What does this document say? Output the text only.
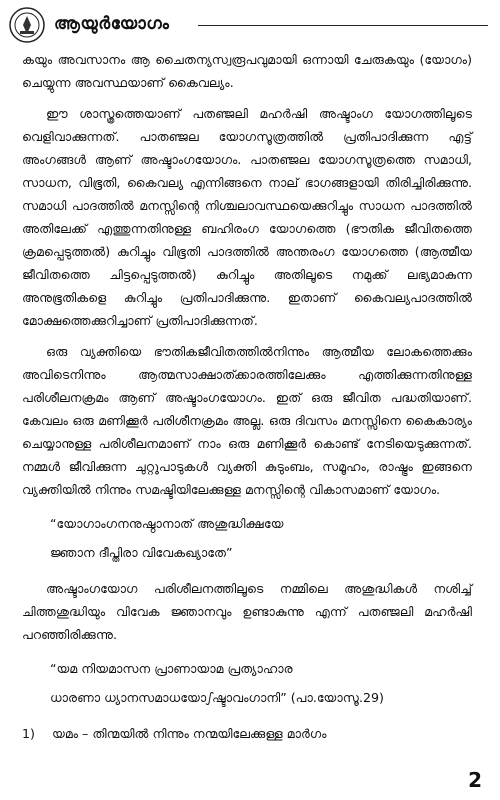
ആയുർയോഗം

കയും അവസാനം ആ ചൈതന്യസ്വരൂപവുമായി ഒന്നായി ചേരുകയും (യോഗം) ചെയ്യുന്ന അവസ്ഥയാണ് കൈവല്യം.

ഈ ശാസ്ത്രത്തെയാണ് പതഞ്ജലി മഹർഷി അഷ്ടാംഗ യോഗത്തിലൂടെ വെളിവാക്കുന്നത്. പാതഞ്ജല യോഗസൂത്രത്തിൽ പ്രതിപാദിക്കുന്ന എട്ട് അംഗങ്ങൾ ആണ് അഷ്ടാംഗയോഗം. പാതഞ്ജല യോഗസൂത്രത്തെ സമാധി, സാധന, വിഭൂതി, കൈവല്യ എന്നിങ്ങനെ നാല് ഭാഗങ്ങളായി തിരിച്ചിരിക്കുന്നു. സമാധി പാദത്തിൽ മനസ്സിന്റെ നിശ്ചലാവസ്ഥയെക്കുറിച്ചും സാധന പാദത്തിൽ അതിലേക്ക് എത്തുന്നതിനുള്ള ബഹിരംഗ യോഗത്തെ (ഭൗതിക ജീവിതത്തെ ക്രമപ്പെടുത്തൽ) കുറിച്ചും വിഭൂതി പാദത്തിൽ അന്തരംഗ യോഗത്തെ (ആത്മീയ ജീവിതത്തെ ചിട്ടപ്പെടുത്തൽ) കുറിച്ചും അതിലൂടെ നമുക്ക് ലഭ്യമാകുന്ന അനുഭൂതികളെ കുറിച്ചും പ്രതിപാദിക്കുന്നു. ഇതാണ് കൈവല്യപാദത്തിൽ മോക്ഷത്തെക്കുറിച്ചാണ് പ്രതിപാദിക്കുന്നത്.

ഒരു വ്യക്തിയെ ഭൗതികജീവിതത്തിൽനിന്നും ആത്മീയ ലോകത്തെക്കും അവിടെനിന്നും ആത്മസാക്ഷാത്ക്കാരത്തിലേക്കും എത്തിക്കുന്നതിനുള്ള പരിശീലനക്രമം ആണ് അഷ്ടാംഗയോഗം. ഇത് ഒരു ജീവിത പദ്ധതിയാണ്. കേവലം ഒരു മണിക്കൂർ പരിശീനക്രമം അല്ല. ഒരു ദിവസം മനസ്സിനെ കൈകാര്യം ചെയ്യാനുള്ള പരിശീലനമാണ് നാം ഒരു മണിക്കൂർ കൊണ്ട് നേടിയെടുക്കുന്നത്. നമ്മൾ ജീവിക്കുന്ന ചുറ്റുപാടുകൾ വ്യക്തി കുടുംബം, സമൂഹം, രാഷ്ട്രം ഇങ്ങനെ വ്യക്തിയിൽ നിന്നും സമഷ്ടിയിലേക്കുള്ള മനസ്സിന്റെ വികാസമാണ് യോഗം.

“യോഗാംഗനനുഷ്ഠാനാത് അശുദ്ധിക്ഷയേ
ജ്ഞാന ദീപ്തിരാ വിവേകഖ്യാതേ”

അഷ്ടാംഗയോഗ പരിശീലനത്തിലൂടെ നമ്മിലെ അശുദ്ധികൾ നശിച്ച് ചിത്തശുദ്ധിയും വിവേക ജ്ഞാനവും ഉണ്ടാകുന്നു എന്ന് പതഞ്ജലി മഹർഷി പറഞ്ഞിരിക്കുന്നു.

“യമ നിയമാസന പ്രാണായാമ പ്രത്യാഹാര
ധാരണാ ധ്യാനസമാധയോഽഷ്ടാവംഗാനി” (പാ.യോസൂ.29)
1)	യമം – തിന്മയിൽ നിന്നും നന്മയിലേക്കുള്ള മാർഗം
2
